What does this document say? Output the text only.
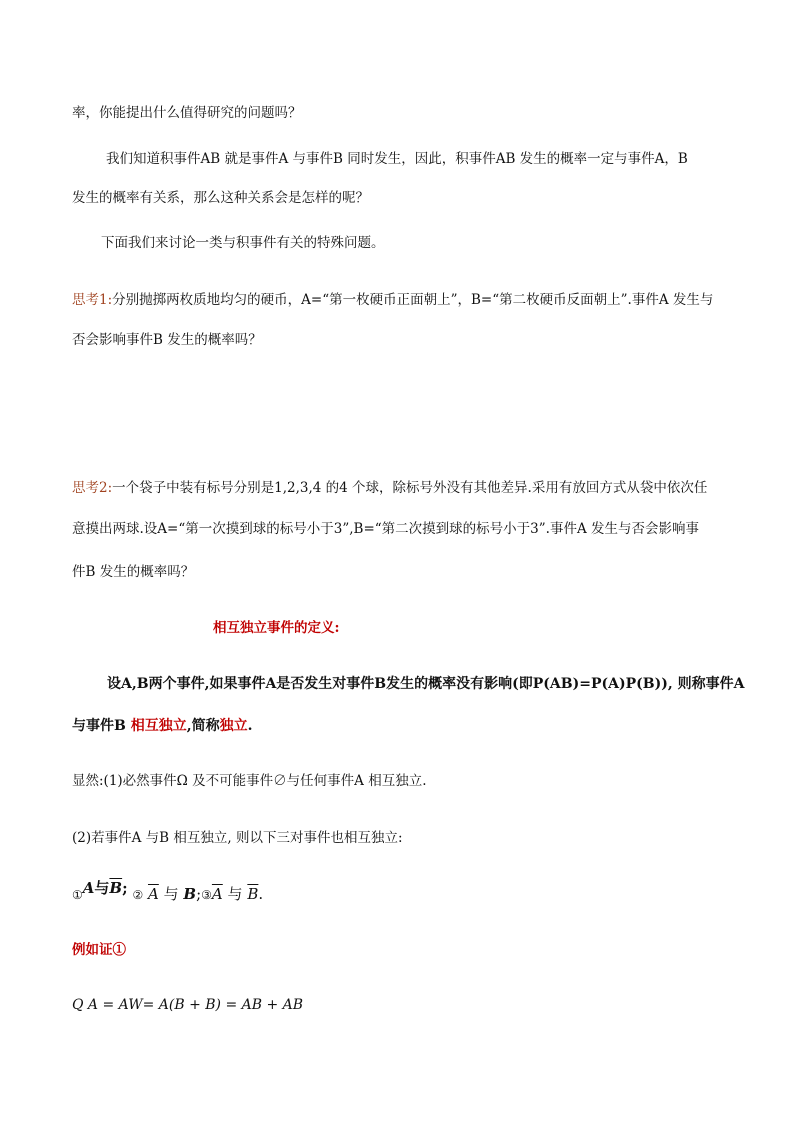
率，你能提出什么值得研究的问题吗？
我们知道积事件AB 就是事件A 与事件B 同时发生，因此，积事件AB 发生的概率一定与事件A，B
发生的概率有关系，那么这种关系会是怎样的呢？
下面我们来讨论一类与积事件有关的特殊问题。
思考1:分别抛掷两枚质地均匀的硬币，A=“第一枚硬币正面朝上”，B=“第二枚硬币反面朝上”.事件A 发生与
否会影响事件B 发生的概率吗？
思考2:一个袋子中装有标号分别是1,2,3,4 的4 个球，除标号外没有其他差异.采用有放回方式从袋中依次任
意摸出两球.设A=“第一次摸到球的标号小于3”,B=“第二次摸到球的标号小于3”.事件A 发生与否会影响事
件B 发生的概率吗？
相互独立事件的定义:
设A,B两个事件,如果事件A是否发生对事件B发生的概率没有影响(即P(AB)=P(A)P(B)), 则称事件A
与事件B 相互独立,简称独立.
显然:(1)必然事件Ω 及不可能事件∅与任何事件A 相互独立.
(2)若事件A 与B 相互独立, 则以下三对事件也相互独立:
①A与$\overline{B}$; ② $\overline{A}$ 与 $B;③\overline{A}$ 与 $\overline{B}$.
例如证①
Q A = AW= A(B + B) = AB + AB
